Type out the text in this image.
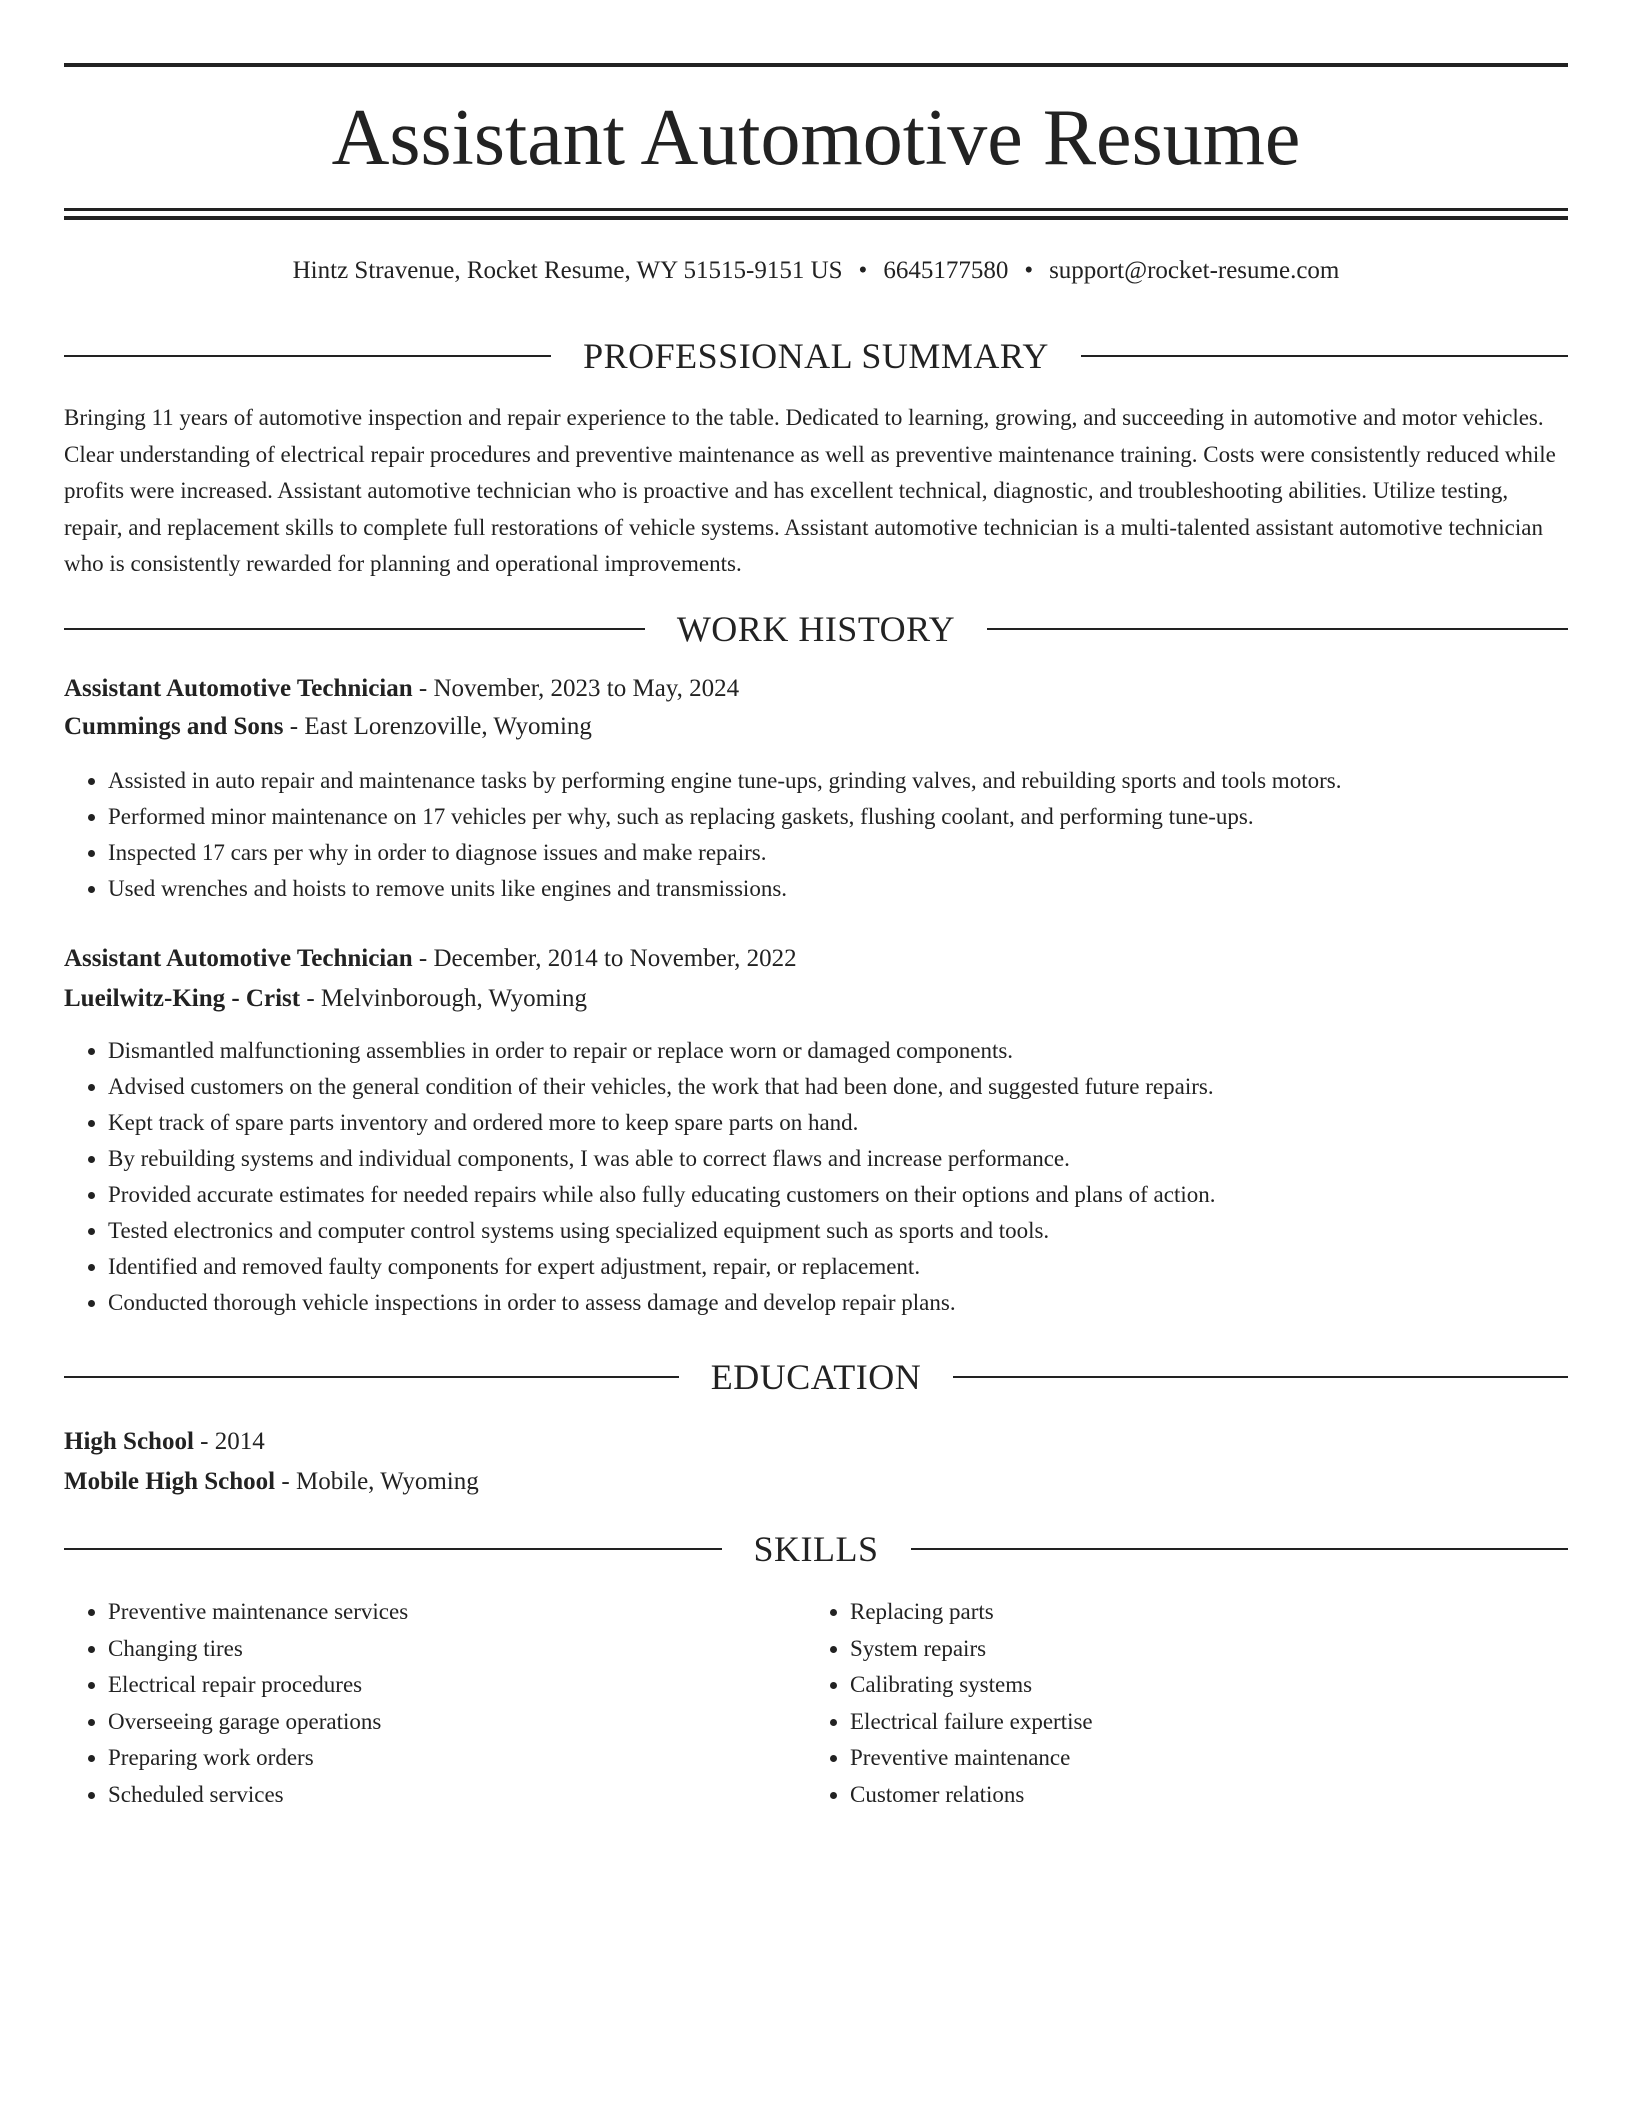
Assistant Automotive Resume
Hintz Stravenue, Rocket Resume, WY 51515-9151 US • 6645177580 • support@rocket-resume.com
PROFESSIONAL SUMMARY

Bringing 11 years of automotive inspection and repair experience to the table. Dedicated to learning, growing, and succeeding in automotive and motor vehicles. Clear understanding of electrical repair procedures and preventive maintenance as well as preventive maintenance training. Costs were consistently reduced while profits were increased. Assistant automotive technician who is proactive and has excellent technical, diagnostic, and troubleshooting abilities. Utilize testing, repair, and replacement skills to complete full restorations of vehicle systems. Assistant automotive technician is a multi-talented assistant automotive technician who is consistently rewarded for planning and operational improvements.

WORK HISTORY
Assistant Automotive Technician - November, 2023 to May, 2024
Cummings and Sons - East Lorenzoville, Wyoming
• Assisted in auto repair and maintenance tasks by performing engine tune-ups, grinding valves, and rebuilding sports and tools motors.
• Performed minor maintenance on 17 vehicles per why, such as replacing gaskets, flushing coolant, and performing tune-ups.
• Inspected 17 cars per why in order to diagnose issues and make repairs.
• Used wrenches and hoists to remove units like engines and transmissions.
Assistant Automotive Technician - December, 2014 to November, 2022
Lueilwitz-King - Crist - Melvinborough, Wyoming
• Dismantled malfunctioning assemblies in order to repair or replace worn or damaged components.
• Advised customers on the general condition of their vehicles, the work that had been done, and suggested future repairs.
• Kept track of spare parts inventory and ordered more to keep spare parts on hand.
• By rebuilding systems and individual components, I was able to correct flaws and increase performance.
• Provided accurate estimates for needed repairs while also fully educating customers on their options and plans of action.
• Tested electronics and computer control systems using specialized equipment such as sports and tools.
• Identified and removed faulty components for expert adjustment, repair, or replacement.
• Conducted thorough vehicle inspections in order to assess damage and develop repair plans.
EDUCATION
High School - 2014
Mobile High School - Mobile, Wyoming
SKILLS
• Preventive maintenance services
• Changing tires
• Electrical repair procedures
• Overseeing garage operations
• Preparing work orders
• Scheduled services
• Replacing parts
• System repairs
• Calibrating systems
• Electrical failure expertise
• Preventive maintenance
• Customer relations
